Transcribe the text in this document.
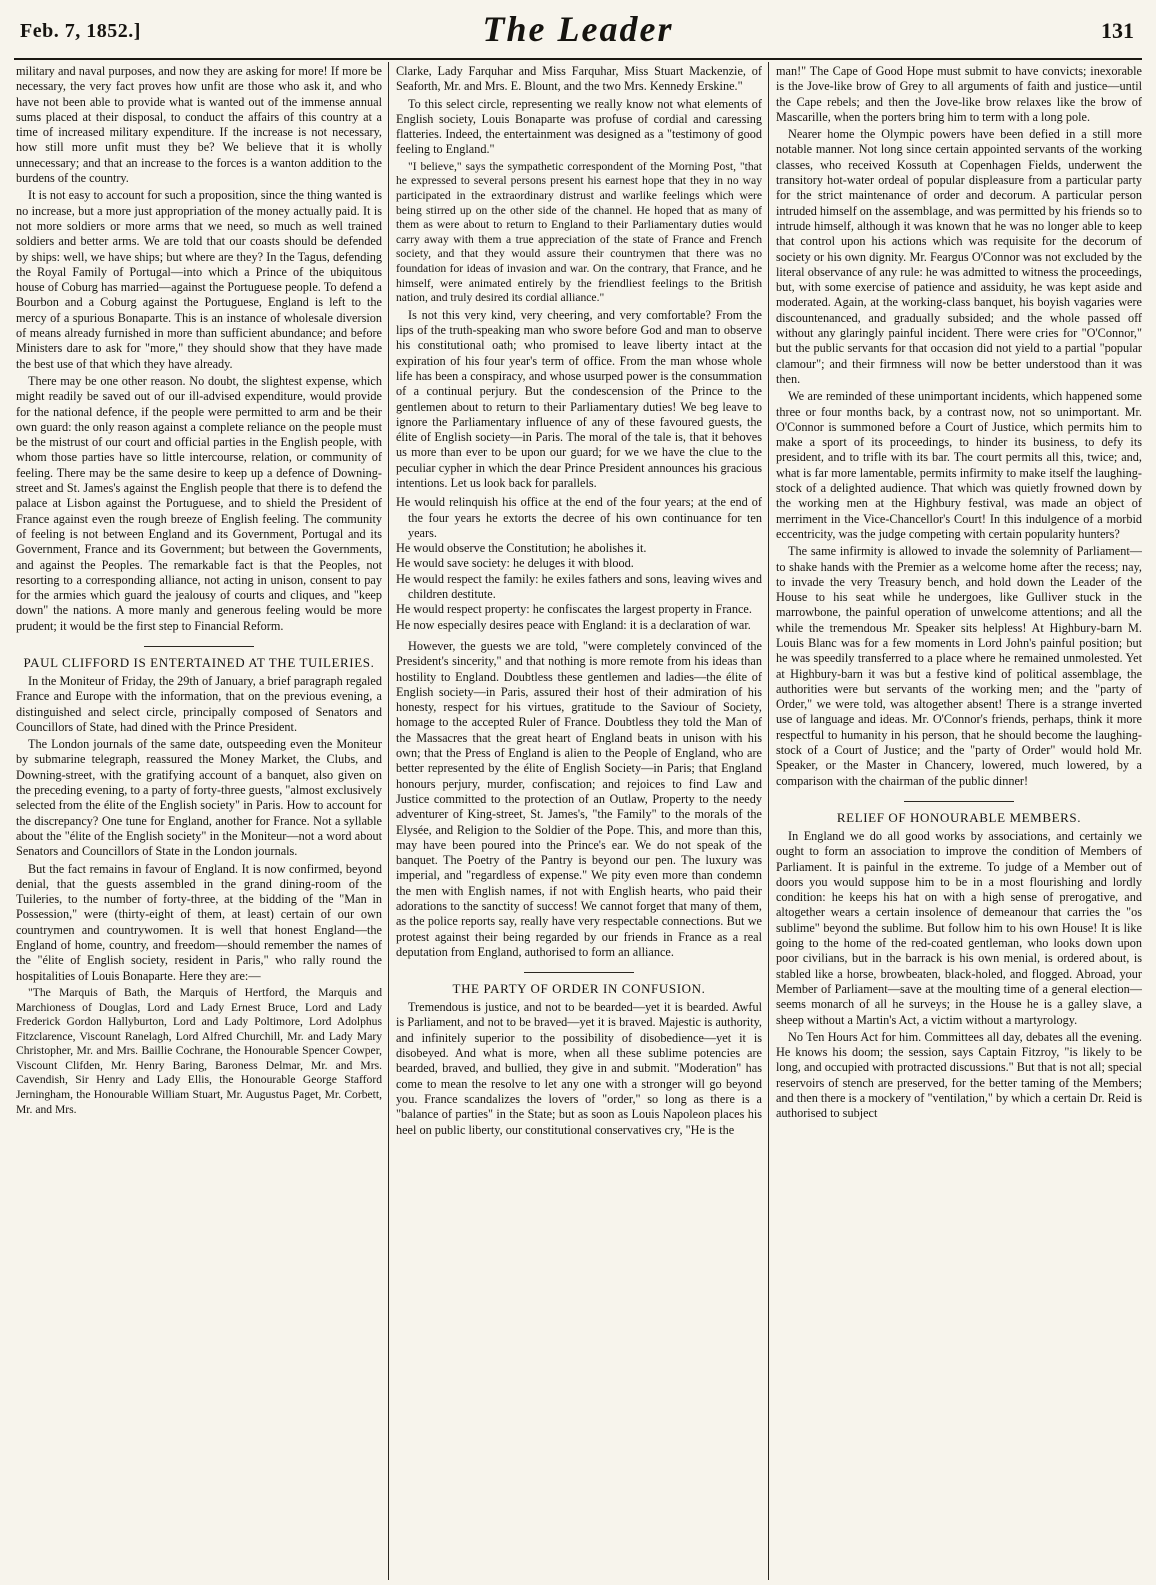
Feb. 7, 1852.]	The Leader	131

military and naval purposes, and now they are asking for more! If more be necessary, the very fact proves how unfit are those who ask it, and who have not been able to provide what is wanted out of the immense annual sums placed at their disposal, to conduct the affairs of this country at a time of increased military expenditure. If the increase is not necessary, how still more unfit must they be? We believe that it is wholly unnecessary; and that an increase to the forces is a wanton addition to the burdens of the country.

It is not easy to account for such a proposition, since the thing wanted is no increase, but a more just appropriation of the money actually paid. It is not more soldiers or more arms that we need, so much as well trained soldiers and better arms. We are told that our coasts should be defended by ships: well, we have ships; but where are they? In the Tagus, defending the Royal Family of Portugal—into which a Prince of the ubiquitous house of Coburg has married—against the Portuguese people. To defend a Bourbon and a Coburg against the Portuguese, England is left to the mercy of a spurious Bonaparte. This is an instance of wholesale diversion of means already furnished in more than sufficient abundance; and before Ministers dare to ask for "more," they should show that they have made the best use of that which they have already.

There may be one other reason. No doubt, the slightest expense, which might readily be saved out of our ill-advised expenditure, would provide for the national defence, if the people were permitted to arm and be their own guard: the only reason against a complete reliance on the people must be the mistrust of our court and official parties in the English people, with whom those parties have so little intercourse, relation, or community of feeling. There may be the same desire to keep up a defence of Downing-street and St. James's against the English people that there is to defend the palace at Lisbon against the Portuguese, and to shield the President of France against even the rough breeze of English feeling. The community of feeling is not between England and its Government, Portugal and its Government, France and its Government; but between the Governments, and against the Peoples. The remarkable fact is that the Peoples, not resorting to a corresponding alliance, not acting in unison, consent to pay for the armies which guard the jealousy of courts and cliques, and "keep down" the nations. A more manly and generous feeling would be more prudent; it would be the first step to Financial Reform.

PAUL CLIFFORD IS ENTERTAINED AT THE TUILERIES.

In the Moniteur of Friday, the 29th of January, a brief paragraph regaled France and Europe with the information, that on the previous evening, a distinguished and select circle, principally composed of Senators and Councillors of State, had dined with the Prince President.

The London journals of the same date, outspeeding even the Moniteur by submarine telegraph, reassured the Money Market, the Clubs, and Downing-street, with the gratifying account of a banquet, also given on the preceding evening, to a party of forty-three guests, "almost exclusively selected from the élite of the English society" in Paris. How to account for the discrepancy? One tune for England, another for France. Not a syllable about the "élite of the English society" in the Moniteur—not a word about Senators and Councillors of State in the London journals.

But the fact remains in favour of England. It is now confirmed, beyond denial, that the guests assembled in the grand dining-room of the Tuileries, to the number of forty-three, at the bidding of the "Man in Possession," were (thirty-eight of them, at least) certain of our own countrymen and countrywomen. It is well that honest England—the England of home, country, and freedom—should remember the names of the "élite of English society, resident in Paris," who rally round the hospitalities of Louis Bonaparte. Here they are:—

"The Marquis of Bath, the Marquis of Hertford, the Marquis and Marchioness of Douglas, Lord and Lady Ernest Bruce, Lord and Lady Frederick Gordon Hallyburton, Lord and Lady Poltimore, Lord Adolphus Fitzclarence, Viscount Ranelagh, Lord Alfred Churchill, Mr. and Lady Mary Christopher, Mr. and Mrs. Baillie Cochrane, the Honourable Spencer Cowper, Viscount Clifden, Mr. Henry Baring, Baroness Delmar, Mr. and Mrs. Cavendish, Sir Henry and Lady Ellis, the Honourable George Stafford Jerningham, the Honourable William Stuart, Mr. Augustus Paget, Mr. Corbett, Mr. and Mrs.

Clarke, Lady Farquhar and Miss Farquhar, Miss Stuart Mackenzie, of Seaforth, Mr. and Mrs. E. Blount, and the two Mrs. Kennedy Erskine."

To this select circle, representing we really know not what elements of English society, Louis Bonaparte was profuse of cordial and caressing flatteries. Indeed, the entertainment was designed as a "testimony of good feeling to England."

"I believe," says the sympathetic correspondent of the Morning Post, "that he expressed to several persons present his earnest hope that they in no way participated in the extraordinary distrust and warlike feelings which were being stirred up on the other side of the channel. He hoped that as many of them as were about to return to England to their Parliamentary duties would carry away with them a true appreciation of the state of France and French society, and that they would assure their countrymen that there was no foundation for ideas of invasion and war. On the contrary, that France, and he himself, were animated entirely by the friendliest feelings to the British nation, and truly desired its cordial alliance."

Is not this very kind, very cheering, and very comfortable? From the lips of the truth-speaking man who swore before God and man to observe his constitutional oath; who promised to leave liberty intact at the expiration of his four year's term of office. From the man whose whole life has been a conspiracy, and whose usurped power is the consummation of a continual perjury. But the condescension of the Prince to the gentlemen about to return to their Parliamentary duties! We beg leave to ignore the Parliamentary influence of any of these favoured guests, the élite of English society—in Paris. The moral of the tale is, that it behoves us more than ever to be upon our guard; for we we have the clue to the peculiar cypher in which the dear Prince President announces his gracious intentions. Let us look back for parallels.

He would relinquish his office at the end of the four years; at the end of the four years he extorts the decree of his own continuance for ten years.
He would observe the Constitution; he abolishes it.
He would save society: he deluges it with blood.
He would respect the family: he exiles fathers and sons, leaving wives and children destitute.
He would respect property: he confiscates the largest property in France.
He now especially desires peace with England: it is a declaration of war.

However, the guests we are told, "were completely convinced of the President's sincerity," and that nothing is more remote from his ideas than hostility to England. Doubtless these gentlemen and ladies—the élite of English society—in Paris, assured their host of their admiration of his honesty, respect for his virtues, gratitude to the Saviour of Society, homage to the accepted Ruler of France. Doubtless they told the Man of the Massacres that the great heart of England beats in unison with his own; that the Press of England is alien to the People of England, who are better represented by the élite of English Society—in Paris; that England honours perjury, murder, confiscation; and rejoices to find Law and Justice committed to the protection of an Outlaw, Property to the needy adventurer of King-street, St. James's, "the Family" to the morals of the Elysée, and Religion to the Soldier of the Pope. This, and more than this, may have been poured into the Prince's ear. We do not speak of the banquet. The Poetry of the Pantry is beyond our pen. The luxury was imperial, and "regardless of expense." We pity even more than condemn the men with English names, if not with English hearts, who paid their adorations to the sanctity of success! We cannot forget that many of them, as the police reports say, really have very respectable connections. But we protest against their being regarded by our friends in France as a real deputation from England, authorised to form an alliance.

THE PARTY OF ORDER IN CONFUSION.

Tremendous is justice, and not to be bearded—yet it is bearded. Awful is Parliament, and not to be braved—yet it is braved. Majestic is authority, and infinitely superior to the possibility of disobedience—yet it is disobeyed. And what is more, when all these sublime potencies are bearded, braved, and bullied, they give in and submit. "Moderation" has come to mean the resolve to let any one with a stronger will go beyond you. France scandalizes the lovers of "order," so long as there is a "balance of parties" in the State; but as soon as Louis Napoleon places his heel on public liberty, our constitutional conservatives cry, "He is the

man!" The Cape of Good Hope must submit to have convicts; inexorable is the Jove-like brow of Grey to all arguments of faith and justice—until the Cape rebels; and then the Jove-like brow relaxes like the brow of Mascarille, when the porters bring him to term with a long pole.

Nearer home the Olympic powers have been defied in a still more notable manner. Not long since certain appointed servants of the working classes, who received Kossuth at Copenhagen Fields, underwent the transitory hot-water ordeal of popular displeasure from a particular party for the strict maintenance of order and decorum. A particular person intruded himself on the assemblage, and was permitted by his friends so to intrude himself, although it was known that he was no longer able to keep that control upon his actions which was requisite for the decorum of society or his own dignity. Mr. Feargus O'Connor was not excluded by the literal observance of any rule: he was admitted to witness the proceedings, but, with some exercise of patience and assiduity, he was kept aside and moderated. Again, at the working-class banquet, his boyish vagaries were discountenanced, and gradually subsided; and the whole passed off without any glaringly painful incident. There were cries for "O'Connor," but the public servants for that occasion did not yield to a partial "popular clamour"; and their firmness will now be better understood than it was then.

We are reminded of these unimportant incidents, which happened some three or four months back, by a contrast now, not so unimportant. Mr. O'Connor is summoned before a Court of Justice, which permits him to make a sport of its proceedings, to hinder its business, to defy its president, and to trifle with its bar. The court permits all this, twice; and, what is far more lamentable, permits infirmity to make itself the laughing-stock of a delighted audience. That which was quietly frowned down by the working men at the Highbury festival, was made an object of merriment in the Vice-Chancellor's Court! In this indulgence of a morbid eccentricity, was the judge competing with certain popularity hunters?

The same infirmity is allowed to invade the solemnity of Parliament—to shake hands with the Premier as a welcome home after the recess; nay, to invade the very Treasury bench, and hold down the Leader of the House to his seat while he undergoes, like Gulliver stuck in the marrowbone, the painful operation of unwelcome attentions; and all the while the tremendous Mr. Speaker sits helpless! At Highbury-barn M. Louis Blanc was for a few moments in Lord John's painful position; but he was speedily transferred to a place where he remained unmolested. Yet at Highbury-barn it was but a festive kind of political assemblage, the authorities were but servants of the working men; and the "party of Order," we were told, was altogether absent! There is a strange inverted use of language and ideas. Mr. O'Connor's friends, perhaps, think it more respectful to humanity in his person, that he should become the laughing-stock of a Court of Justice; and the "party of Order" would hold Mr. Speaker, or the Master in Chancery, lowered, much lowered, by a comparison with the chairman of the public dinner!

RELIEF OF HONOURABLE MEMBERS.

In England we do all good works by associations, and certainly we ought to form an association to improve the condition of Members of Parliament. It is painful in the extreme. To judge of a Member out of doors you would suppose him to be in a most flourishing and lordly condition: he keeps his hat on with a high sense of prerogative, and altogether wears a certain insolence of demeanour that carries the "os sublime" beyond the sublime. But follow him to his own House! It is like going to the home of the red-coated gentleman, who looks down upon poor civilians, but in the barrack is his own menial, is ordered about, is stabled like a horse, browbeaten, black-holed, and flogged. Abroad, your Member of Parliament—save at the moulting time of a general election—seems monarch of all he surveys; in the House he is a galley slave, a sheep without a Martin's Act, a victim without a martyrology.

No Ten Hours Act for him. Committees all day, debates all the evening. He knows his doom; the session, says Captain Fitzroy, "is likely to be long, and occupied with protracted discussions." But that is not all; special reservoirs of stench are preserved, for the better taming of the Members; and then there is a mockery of "ventilation," by which a certain Dr. Reid is authorised to subject
